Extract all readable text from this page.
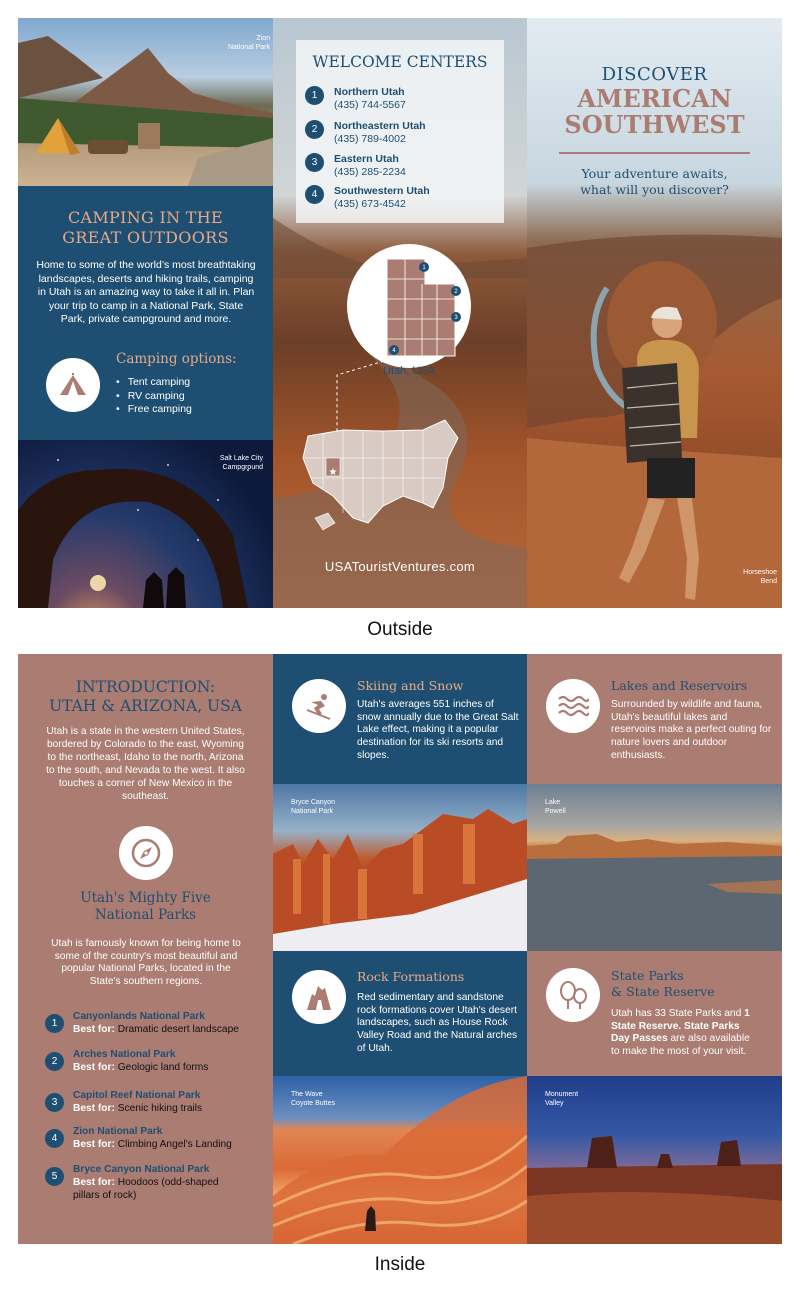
Zion
National Park
CAMPING IN THE
GREAT OUTDOORS
Home to some of the world’s most breathtaking landscapes, deserts and hiking trails, camping in Utah is an amazing way to take it all in. Plan your trip to camp in a National Park, State Park, private campground and more.
Camping options:
• Tent camping
• RV camping
• Free camping
Salt Lake City
Campground
WELCOME CENTERS
1	Northern Utah
(435) 744-5567
2	Northeastern Utah
(435) 789-4002
3	Eastern Utah
(435) 285-2234
4	Southwestern Utah
(435) 673-4542
1
2
3
4
Utah, USA
★
USATouristVentures.com
DISCOVER
AMERICAN
SOUTHWEST
Your adventure awaits,
what will you discover?
Horseshoe
Bend
Outside
INTRODUCTION:
UTAH & ARIZONA, USA
Utah is a state in the western United States, bordered by Colorado to the east, Wyoming to the northeast, Idaho to the north, Arizona to the south, and Nevada to the west. It also touches a corner of New Mexico in the southeast.
Utah's Mighty Five
National Parks
Utah is famously known for being home to some of the country's most beautiful and popular National Parks, located in the State's southern regions.
1
Canyonlands National Park
Best for: Dramatic desert landscape
2
Arches National Park
Best for: Geologic land forms
3
Capitol Reef National Park
Best for: Scenic hiking trails
4
Zion National Park
Best for: Climbing Angel's Landing
5
Bryce Canyon National Park
Best for: Hoodoos (odd-shaped pillars of rock)
Skiing and Snow
Utah's averages 551 inches of snow annually due to the Great Salt Lake effect, making it a popular destination for its ski resorts and slopes.
Bryce Canyon
National Park
Rock Formations
Red sedimentary and sandstone rock formations cover Utah's desert landscapes, such as House Rock Valley Road and the Natural arches of Utah.
The Wave
Coyote Buttes
Lakes and Reservoirs
Surrounded by wildlife and fauna, Utah's beautiful lakes and reservoirs make a perfect outing for nature lovers and outdoor enthusiasts.
Lake
Powell
State Parks
& State Reserve
Utah has 33 State Parks and 1 State Reserve. State Parks Day Passes are also available to make the most of your visit.
Monument
Valley
Inside
